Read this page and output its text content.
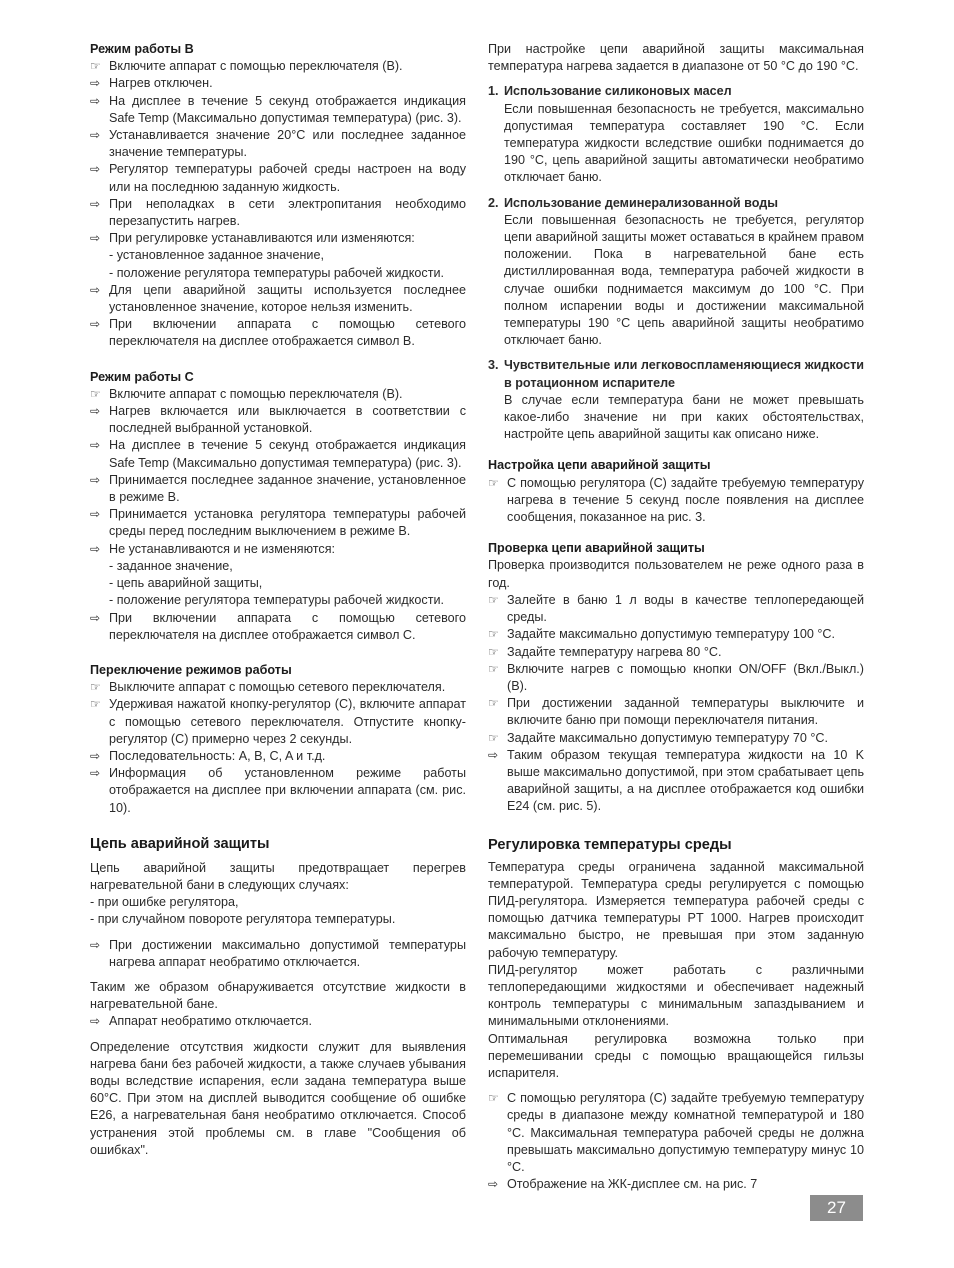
Режим работы B

☞ Включите аппарат с помощью переключателя (B).

⇨ Нагрев отключен.

⇨ На дисплее в течение 5 секунд отображается индикация Safe Temp (Максимально допустимая температура) (рис. 3).

⇨ Устанавливается значение 20°C или последнее заданное значение температуры.

⇨ Регулятор температуры рабочей среды настроен на воду или на последнюю заданную жидкость.

⇨ При неполадках в сети электропитания необходимо перезапустить нагрев.

⇨ При регулировке устанавливаются или изменяются:

- установленное заданное значение,

- положение регулятора температуры рабочей жидкости.

⇨ Для цепи аварийной защиты используется последнее установленное значение, которое нельзя изменить.

⇨ При включении аппарата с помощью сетевого переключателя на дисплее отображается символ B.

Режим работы C

☞ Включите аппарат с помощью переключателя (B).

⇨ Нагрев включается или выключается в соответствии с последней выбранной установкой.

⇨ На дисплее в течение 5 секунд отображается индикация Safe Temp (Максимально допустимая температура) (рис. 3).

⇨ Принимается последнее заданное значение, установленное в режиме B.

⇨ Принимается установка регулятора температуры рабочей среды перед последним выключением в режиме B.

⇨ Не устанавливаются и не изменяются:

- заданное значение,

- цепь аварийной защиты,

- положение регулятора температуры рабочей жидкости.

⇨ При включении аппарата с помощью сетевого переключателя на дисплее отображается символ C.

Переключение режимов работы

☞ Выключите аппарат с помощью сетевого переключателя.

☞ Удерживая нажатой кнопку-регулятор (C), включите аппарат с помощью сетевого переключателя. Отпустите кнопку-регулятор (C) примерно через 2 секунды.

⇨ Последовательность: A, B, C, A и т.д.

⇨ Информация об установленном режиме работы отображается на дисплее при включении аппарата (см. рис. 10).

Цепь аварийной защиты

Цепь аварийной защиты предотвращает перегрев нагревательной бани в следующих случаях:

- при ошибке регулятора,

- при случайном повороте регулятора температуры.

⇨ При достижении максимально допустимой температуры нагрева аппарат необратимо отключается.

Таким же образом обнаруживается отсутствие жидкости в нагревательной бане.

⇨ Аппарат необратимо отключается.

Определение отсутствия жидкости служит для выявления нагрева бани без рабочей жидкости, а также случаев убывания воды вследствие испарения, если задана температура выше 60°C. При этом на дисплей выводится сообщение об ошибке E26, а нагревательная баня необратимо отключается. Способ устранения этой проблемы см. в главе "Сообщения об ошибках".

При настройке цепи аварийной защиты максимальная температура нагрева задается в диапазоне от 50 °C до 190 °C.

1. Использование силиконовых масел

Если повышенная безопасность не требуется, максимально допустимая температура составляет 190 °C. Если температура жидкости вследствие ошибки поднимается до 190 °C, цепь аварийной защиты автоматически необратимо отключает баню.

2. Использование деминерализованной воды

Если повышенная безопасность не требуется, регулятор цепи аварийной защиты может оставаться в крайнем правом положении. Пока в нагревательной бане есть дистиллированная вода, температура рабочей жидкости в случае ошибки поднимается максимум до 100 °C. При полном испарении воды и достижении максимальной температуры 190 °C цепь аварийной защиты необратимо отключает баню.

3. Чувствительные или легковоспламеняющиеся жидкости в ротационном испарителе

В случае если температура бани не может превышать какое-либо значение ни при каких обстоятельствах, настройте цепь аварийной защиты как описано ниже.

Настройка цепи аварийной защиты

☞ С помощью регулятора (C) задайте требуемую температуру нагрева в течение 5 секунд после появления на дисплее сообщения, показанное на рис. 3.

Проверка цепи аварийной защиты

Проверка производится пользователем не реже одного раза в год.

☞ Залейте в баню 1 л воды в качестве теплопередающей среды.

☞ Задайте максимально допустимую температуру 100 °C.

☞ Задайте температуру нагрева 80 °C.

☞ Включите нагрев с помощью кнопки ON/OFF (Вкл./Выкл.) (B).

☞ При достижении заданной температуры выключите и включите баню при помощи переключателя питания.

☞ Задайте максимально допустимую температуру 70 °C.

⇨ Таким образом текущая температура жидкости на 10 K выше максимально допустимой, при этом срабатывает цепь аварийной защиты, а на дисплее отображается код ошибки E24 (см. рис. 5).

Регулировка температуры среды

Температура среды ограничена заданной максимальной температурой. Температура среды регулируется с помощью ПИД-регулятора. Измеряется температура рабочей среды с помощью датчика температуры PT 1000. Нагрев происходит максимально быстро, не превышая при этом заданную рабочую температуру.

ПИД-регулятор может работать с различными теплопередающими жидкостями и обеспечивает надежный контроль температуры с минимальным запаздыванием и минимальными отклонениями.

Оптимальная регулировка возможна только при перемешивании среды с помощью вращающейся гильзы испарителя.

☞ С помощью регулятора (C) задайте требуемую температуру среды в диапазоне между комнатной температурой и 180 °C. Максимальная температура рабочей среды не должна превышать максимально допустимую температуру минус 10 °C.

⇨ Отображение на ЖК-дисплее см. на рис. 7

27
